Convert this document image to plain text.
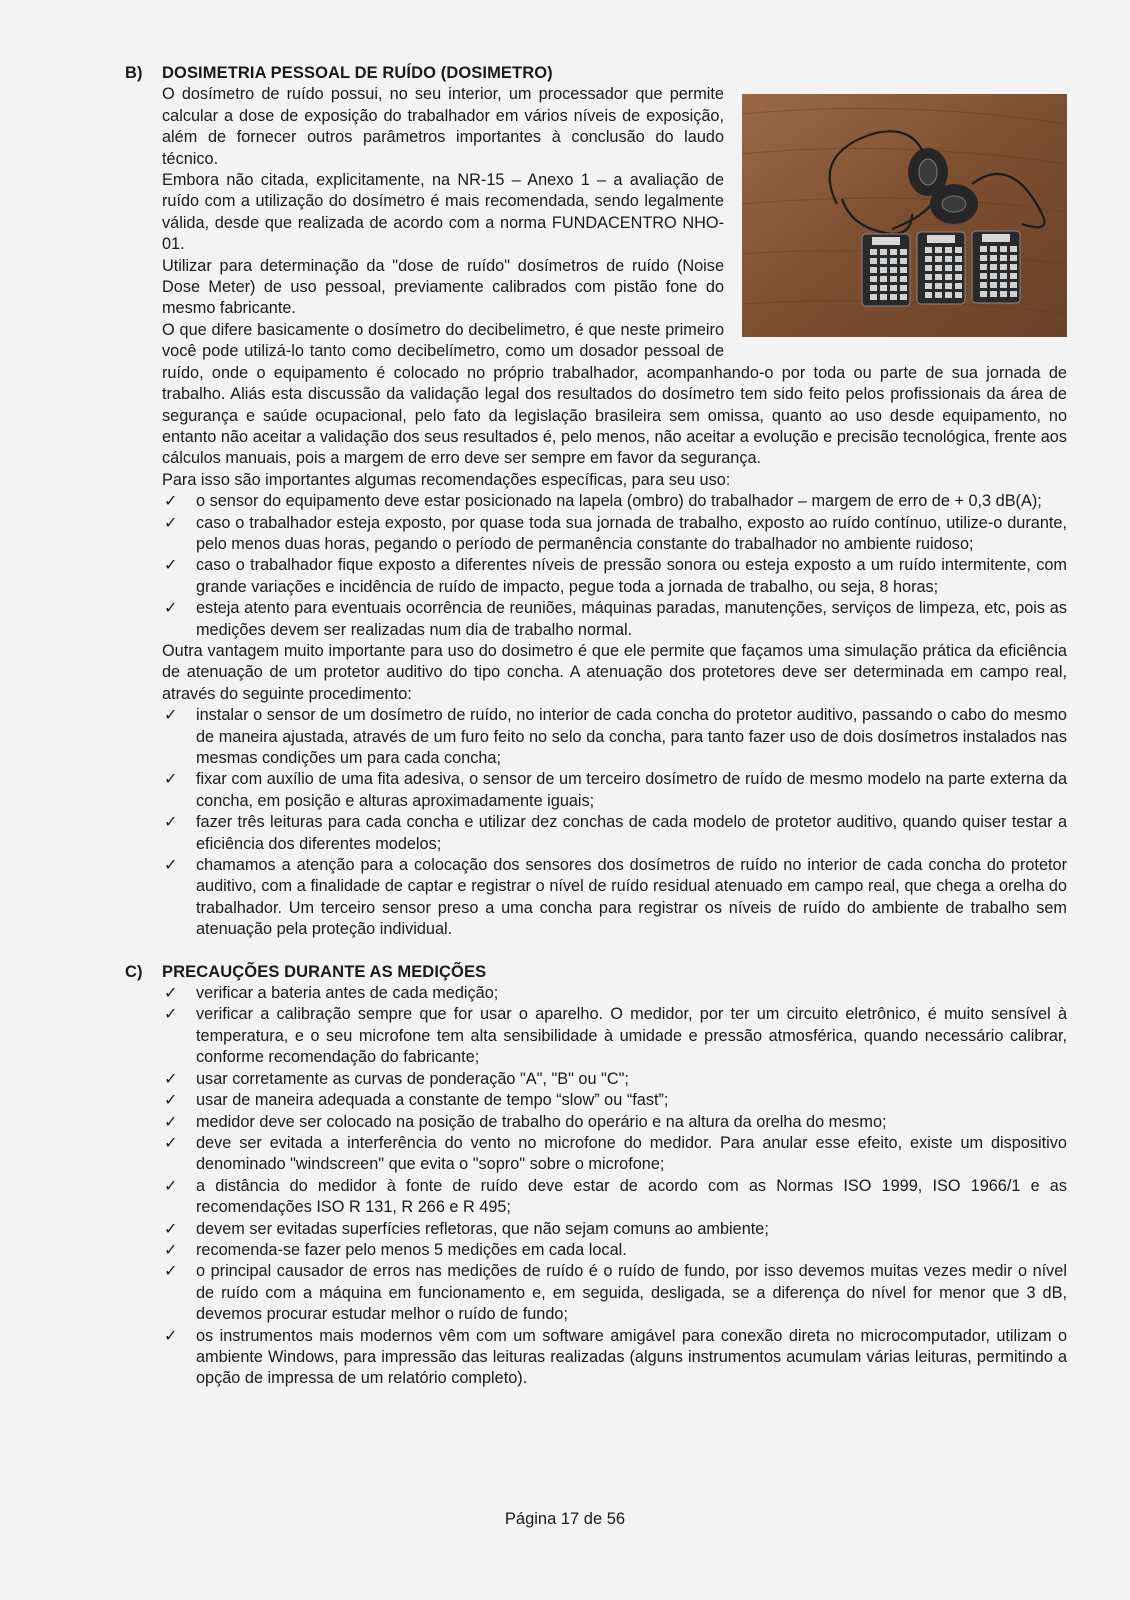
B)	DOSIMETRIA PESSOAL DE RUÍDO (DOSIMETRO)

O dosímetro de ruído possui, no seu interior, um processador que permite calcular a dose de exposição do trabalhador em vários níveis de exposição, além de fornecer outros parâmetros importantes à conclusão do laudo técnico.

Embora não citada, explicitamente, na NR-15 – Anexo 1 – a avaliação de ruído com a utilização do dosímetro é mais recomendada, sendo legalmente válida, desde que realizada de acordo com a norma FUNDACENTRO NHO-01.

Utilizar para determinação da "dose de ruído" dosímetros de ruído (Noise Dose Meter) de uso pessoal, previamente calibrados com pistão fone do mesmo fabricante.

O que difere basicamente o dosímetro do decibelimetro, é que neste primeiro você pode utilizá-lo tanto como decibelímetro, como um dosador pessoal de ruído, onde o equipamento é colocado no próprio trabalhador, acompanhando-o por toda ou parte de sua jornada de trabalho. Aliás esta discussão da validação legal dos resultados do dosímetro tem sido feito pelos profissionais da área de segurança e saúde ocupacional, pelo fato da legislação brasileira sem omissa, quanto ao uso desde equipamento, no entanto não aceitar a validação dos seus resultados é, pelo menos, não aceitar a evolução e precisão tecnológica, frente aos cálculos manuais, pois a margem de erro deve ser sempre em favor da segurança.

Para isso são importantes algumas recomendações específicas, para seu uso:

✓ o sensor do equipamento deve estar posicionado na lapela (ombro) do trabalhador – margem de erro de + 0,3 dB(A);
✓ caso o trabalhador esteja exposto, por quase toda sua jornada de trabalho, exposto ao ruído contínuo, utilize-o durante, pelo menos duas horas, pegando o período de permanência constante do trabalhador no ambiente ruidoso;
✓ caso o trabalhador fique exposto a diferentes níveis de pressão sonora ou esteja exposto a um ruído intermitente, com grande variações e incidência de ruído de impacto, pegue toda a jornada de trabalho, ou seja, 8 horas;
✓ esteja atento para eventuais ocorrência de reuniões, máquinas paradas, manutenções, serviços de limpeza, etc, pois as medições devem ser realizadas num dia de trabalho normal.

Outra vantagem muito importante para uso do dosimetro é que ele permite que façamos uma simulação prática da eficiência de atenuação de um protetor auditivo do tipo concha. A atenuação dos protetores deve ser determinada em campo real, através do seguinte procedimento:

✓ instalar o sensor de um dosímetro de ruído, no interior de cada concha do protetor auditivo, passando o cabo do mesmo de maneira ajustada, através de um furo feito no selo da concha, para tanto fazer uso de dois dosímetros instalados nas mesmas condições um para cada concha;
✓ fixar com auxílio de uma fita adesiva, o sensor de um terceiro dosímetro de ruído de mesmo modelo na parte externa da concha, em posição e alturas aproximadamente iguais;
✓ fazer três leituras para cada concha e utilizar dez conchas de cada modelo de protetor auditivo, quando quiser testar a eficiência dos diferentes modelos;
✓ chamamos a atenção para a colocação dos sensores dos dosímetros de ruído no interior de cada concha do protetor auditivo, com a finalidade de captar e registrar o nível de ruído residual atenuado em campo real, que chega a orelha do trabalhador. Um terceiro sensor preso a uma concha para registrar os níveis de ruído do ambiente de trabalho sem atenuação pela proteção individual.
C)	PRECAUÇÕES DURANTE AS MEDIÇÕES
✓ verificar a bateria antes de cada medição;
✓ verificar a calibração sempre que for usar o aparelho. O medidor, por ter um circuito eletrônico, é muito sensível à temperatura, e o seu microfone tem alta sensibilidade à umidade e pressão atmosférica, quando necessário calibrar, conforme recomendação do fabricante;
✓ usar corretamente as curvas de ponderação "A", "B" ou "C";
✓ usar de maneira adequada a constante de tempo “slow” ou “fast”;
✓ medidor deve ser colocado na posição de trabalho do operário e na altura da orelha do mesmo;
✓ deve ser evitada a interferência do vento no microfone do medidor. Para anular esse efeito, existe um dispositivo denominado "windscreen" que evita o "sopro" sobre o microfone;
✓ a distância do medidor à fonte de ruído deve estar de acordo com as Normas ISO 1999, ISO 1966/1 e as recomendações ISO R 131, R 266 e R 495;
✓ devem ser evitadas superfícies refletoras, que não sejam comuns ao ambiente;
✓ recomenda-se fazer pelo menos 5 medições em cada local.
✓ o principal causador de erros nas medições de ruído é o ruído de fundo, por isso devemos muitas vezes medir o nível de ruído com a máquina em funcionamento e, em seguida, desligada, se a diferença do nível for menor que 3 dB, devemos procurar estudar melhor o ruído de fundo;
✓ os instrumentos mais modernos vêm com um software amigável para conexão direta no microcomputador, utilizam o ambiente Windows, para impressão das leituras realizadas (alguns instrumentos acumulam várias leituras, permitindo a opção de impressa de um relatório completo).
Página 17 de 56
